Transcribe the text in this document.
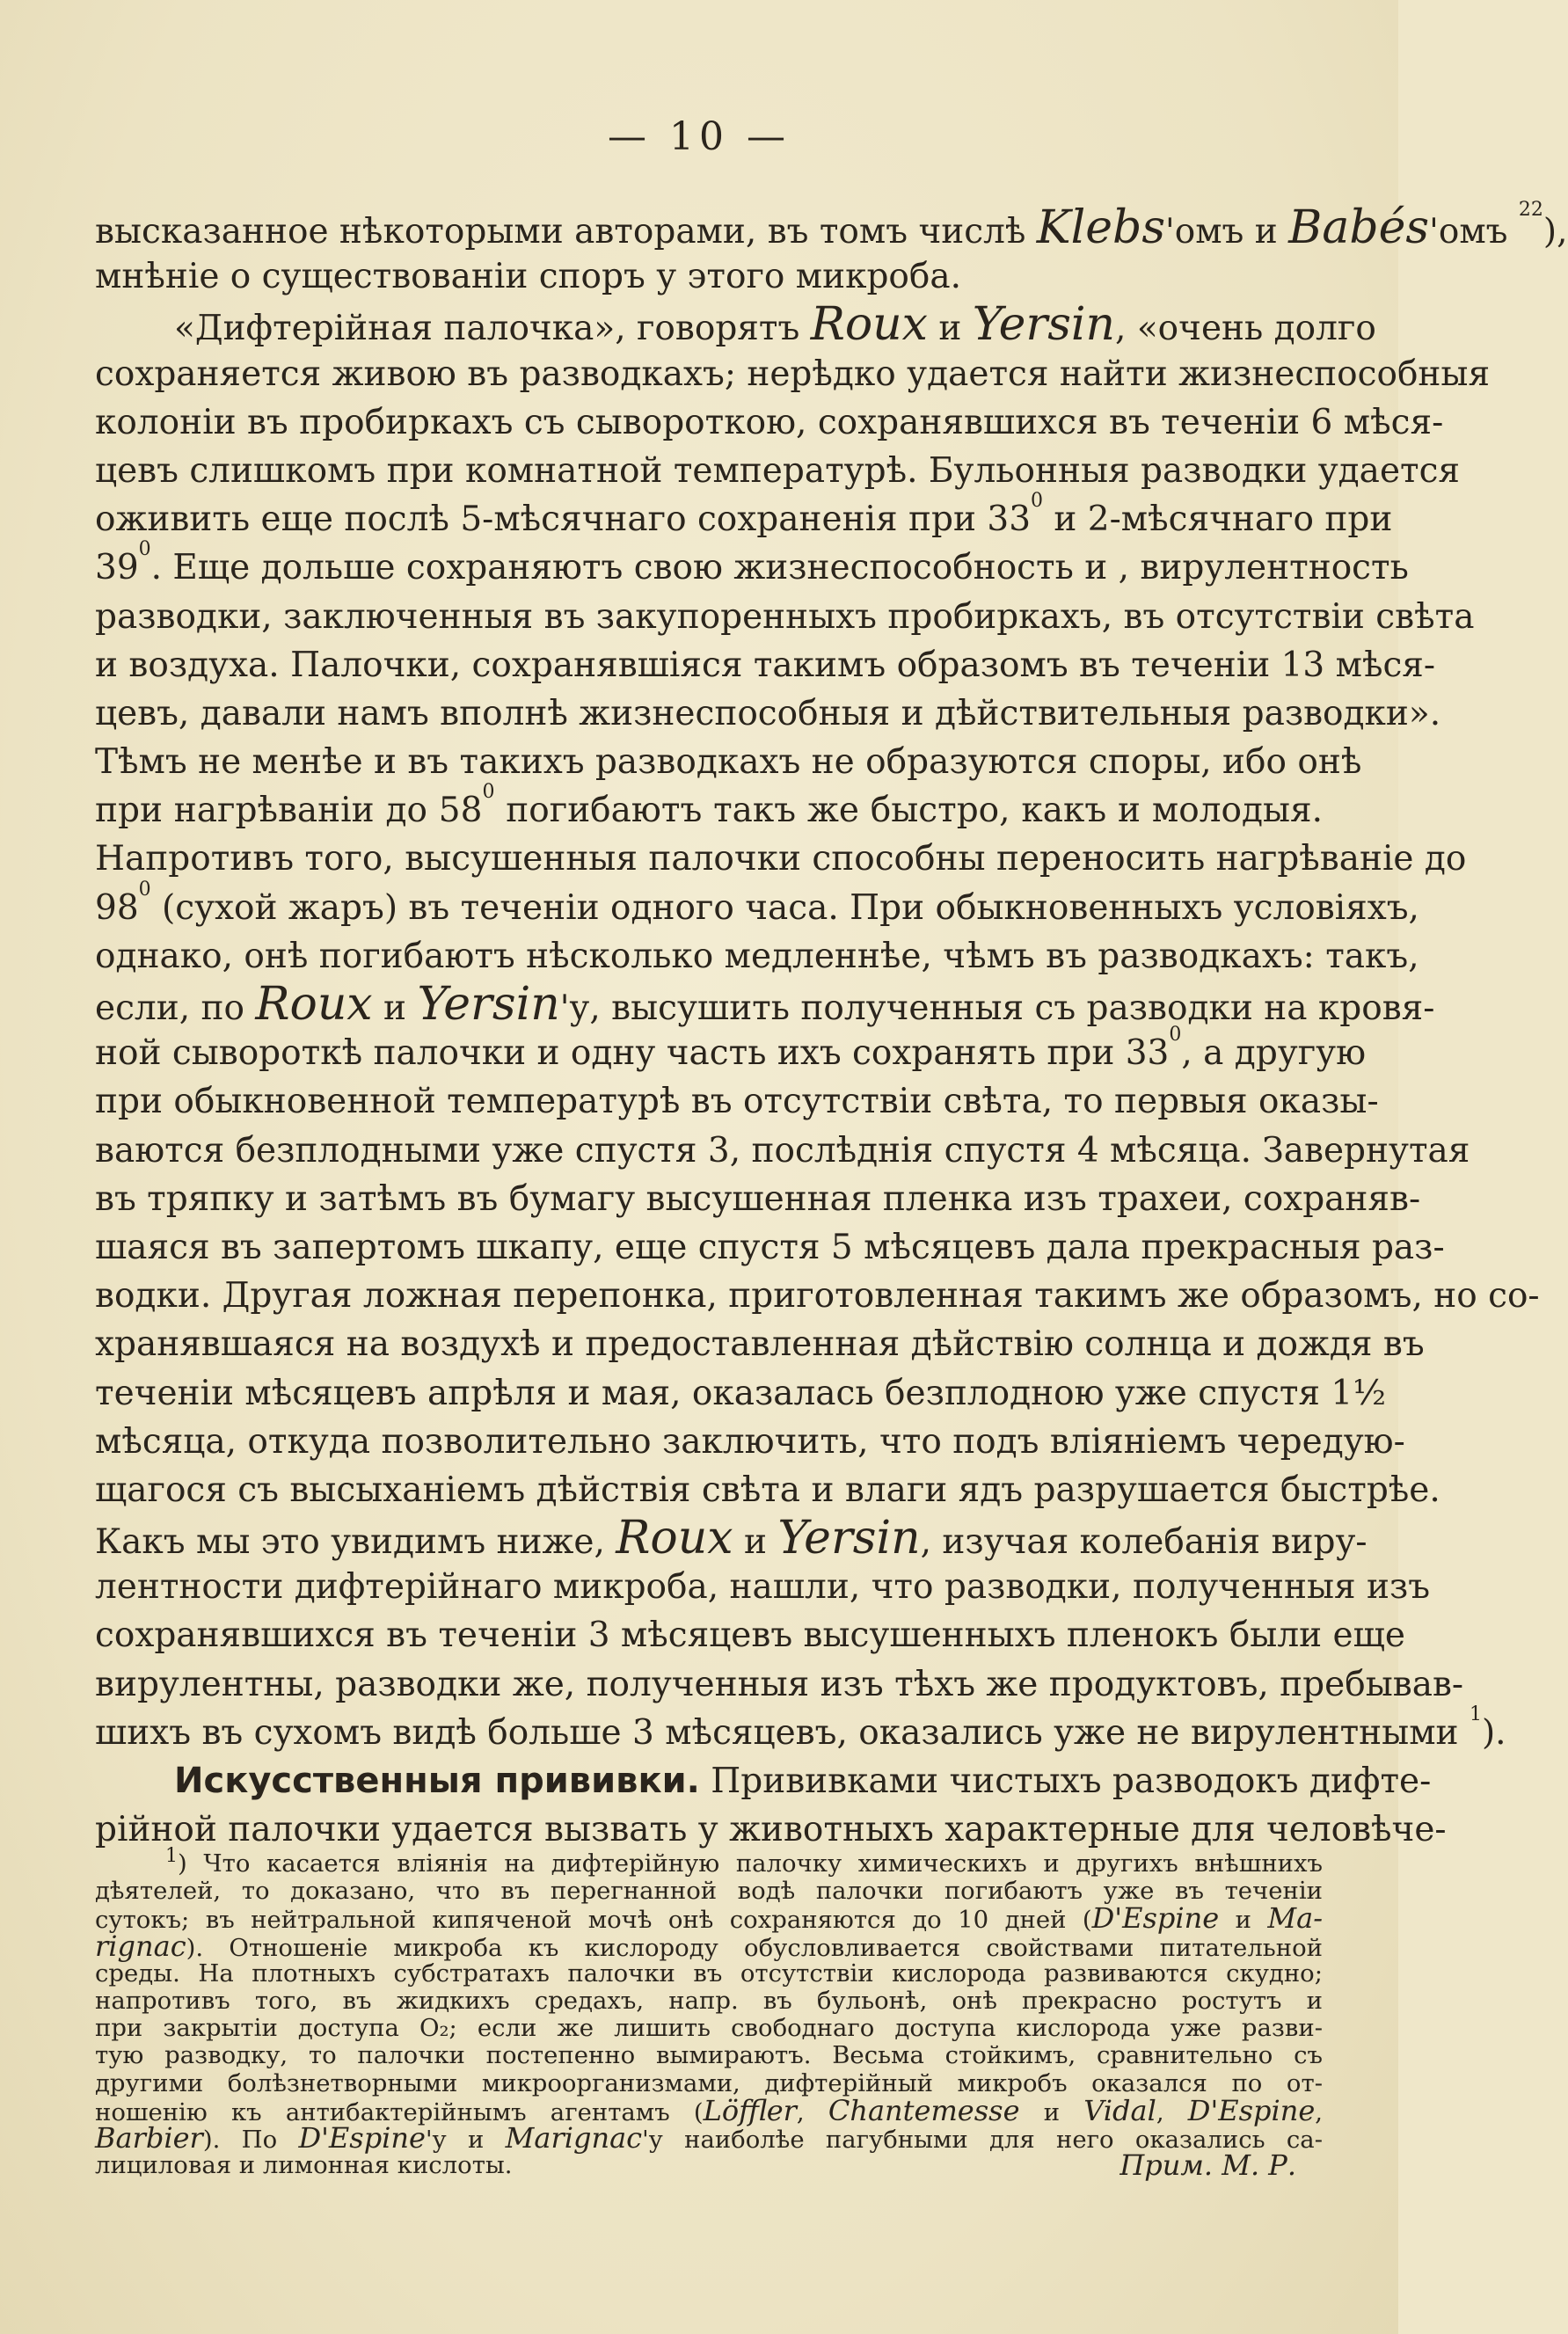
— 10 —
высказанное нѣкоторыми авторами, въ томъ числѣ Klebs'омъ и Babés'омъ $^{22}$),
мнѣніе о существованіи споръ у этого микроба.
«Дифтерійная палочка», говорятъ Roux и Yersin, «очень долго
сохраняется живою въ разводкахъ; нерѣдко удается найти жизнеспособныя
колоніи въ пробиркахъ съ сывороткою, сохранявшихся въ теченіи 6 мѣся-
цевъ слишкомъ при комнатной температурѣ. Бульонныя разводки удается
оживить еще послѣ 5-мѣсячнаго сохраненія при $33^0$ и 2-мѣсячнаго при
$39^0$. Еще дольше сохраняютъ свою жизнеспособность и , вирулентность
разводки, заключенныя въ закупоренныхъ пробиркахъ, въ отсутствіи свѣта
и воздуха. Палочки, сохранявшіяся такимъ образомъ въ теченіи 13 мѣся-
цевъ, давали намъ вполнѣ жизнеспособныя и дѣйствительныя разводки».
Тѣмъ не менѣе и въ такихъ разводкахъ не образуются споры, ибо онѣ
при нагрѣваніи до $58^0$ погибаютъ такъ же быстро, какъ и молодыя.
Напротивъ того, высушенныя палочки способны переносить нагрѣваніе до
$98^0$ (сухой жаръ) въ теченіи одного часа. При обыкновенныхъ условіяхъ,
однако, онѣ погибаютъ нѣсколько медленнѣе, чѣмъ въ разводкахъ: такъ,
если, по Roux и Yersin'у, высушить полученныя съ разводки на кровя-
ной сывороткѣ палочки и одну часть ихъ сохранять при $33^0$, а другую
при обыкновенной температурѣ въ отсутствіи свѣта, то первыя оказы-
ваются безплодными уже спустя 3, послѣднія спустя 4 мѣсяца. Завернутая
въ тряпку и затѣмъ въ бумагу высушенная пленка изъ трахеи, сохраняв-
шаяся въ запертомъ шкапу, еще спустя 5 мѣсяцевъ дала прекрасныя раз-
водки. Другая ложная перепонка, приготовленная такимъ же образомъ, но со-
хранявшаяся на воздухѣ и предоставленная дѣйствію солнца и дождя въ
теченіи мѣсяцевъ апрѣля и мая, оказалась безплодною уже спустя 1½
мѣсяца, откуда позволительно заключить, что подъ вліяніемъ чередую-
щагося съ высыханіемъ дѣйствія свѣта и влаги ядъ разрушается быстрѣе.
Какъ мы это увидимъ ниже, Roux и Yersin, изучая колебанія виру-
лентности дифтерійнаго микроба, нашли, что разводки, полученныя изъ
сохранявшихся въ теченіи 3 мѣсяцевъ высушенныхъ пленокъ были еще
вирулентны, разводки же, полученныя изъ тѣхъ же продуктовъ, пребывав-
шихъ въ сухомъ видѣ больше 3 мѣсяцевъ, оказались уже не вирулентными $^1$).
Искусственныя прививки. Прививками чистыхъ разводокъ дифте-
рійной палочки удается вызвать у животныхъ характерные для человѣче-
$^1$) Что касается вліянія на дифтерійную палочку химическихъ и другихъ внѣшнихъ
дѣятелей, то доказано, что въ перегнанной водѣ палочки погибаютъ уже въ теченіи
сутокъ; въ нейтральной кипяченой мочѣ онѣ сохраняются до 10 дней (D'Espine и Ma-
rignac). Отношеніе микроба къ кислороду обусловливается свойствами питательной
среды. На плотныхъ субстратахъ палочки въ отсутствіи кислорода развиваются скудно;
напротивъ того, въ жидкихъ средахъ, напр. въ бульонѣ, онѣ прекрасно ростутъ и
при закрытіи доступа O₂; если же лишить свободнаго доступа кислорода уже разви-
тую разводку, то палочки постепенно вымираютъ. Весьма стойкимъ, сравнительно съ
другими болѣзнетворными микроорганизмами, дифтерійный микробъ оказался по от-
ношенію къ антибактерійнымъ агентамъ (Löffler, Chantemesse и Vidal, D'Espine,
Barbier). По D'Espine'у и Marignac'у наиболѣе пагубными для него оказались са-
лициловая и лимонная кислоты.	Прим. М. Р.
